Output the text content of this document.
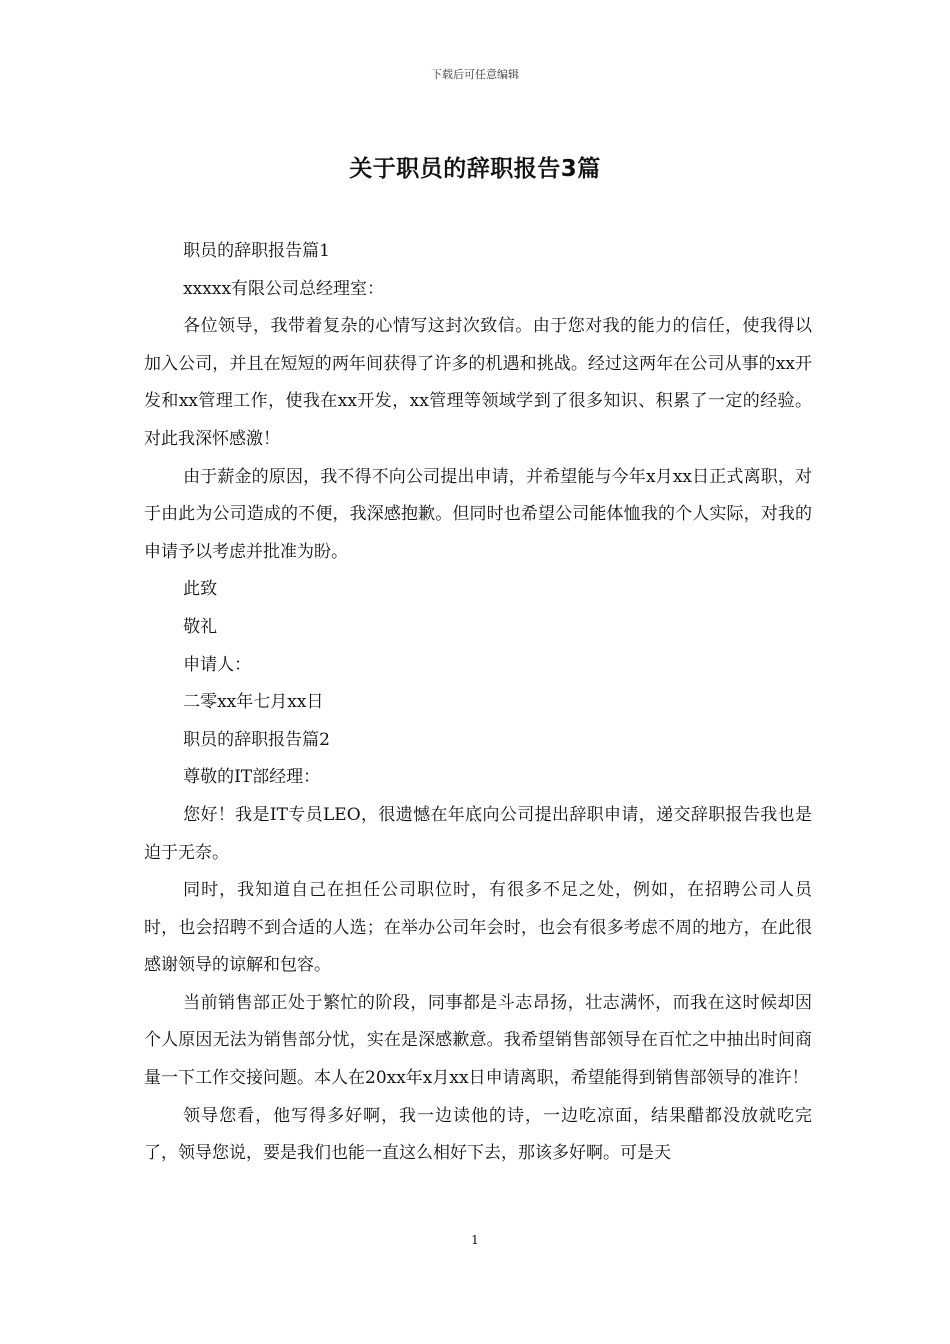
下载后可任意编辑
关于职员的辞职报告3篇

职员的辞职报告篇1

xxxxx有限公司总经理室：

各位领导，我带着复杂的心情写这封次致信。由于您对我的能力的信任，使我得以加入公司，并且在短短的两年间获得了许多的机遇和挑战。经过这两年在公司从事的xx开发和xx管理工作，使我在xx开发，xx管理等领域学到了很多知识、积累了一定的经验。对此我深怀感激！

由于薪金的原因，我不得不向公司提出申请，并希望能与今年x月xx日正式离职，对于由此为公司造成的不便，我深感抱歉。但同时也希望公司能体恤我的个人实际，对我的申请予以考虑并批准为盼。

此致

敬礼

申请人：

二零xx年七月xx日

职员的辞职报告篇2

尊敬的IT部经理：

您好！我是IT专员LEO，很遗憾在年底向公司提出辞职申请，递交辞职报告我也是迫于无奈。

同时，我知道自己在担任公司职位时，有很多不足之处，例如，在招聘公司人员时，也会招聘不到合适的人选；在举办公司年会时，也会有很多考虑不周的地方，在此很感谢领导的谅解和包容。

当前销售部正处于繁忙的阶段，同事都是斗志昂扬，壮志满怀，而我在这时候却因个人原因无法为销售部分忧，实在是深感歉意。我希望销售部领导在百忙之中抽出时间商量一下工作交接问题。本人在20xx年x月xx日申请离职，希望能得到销售部领导的准许！

领导您看，他写得多好啊，我一边读他的诗，一边吃凉面，结果醋都没放就吃完了，领导您说，要是我们也能一直这么相好下去，那该多好啊。可是天

1
